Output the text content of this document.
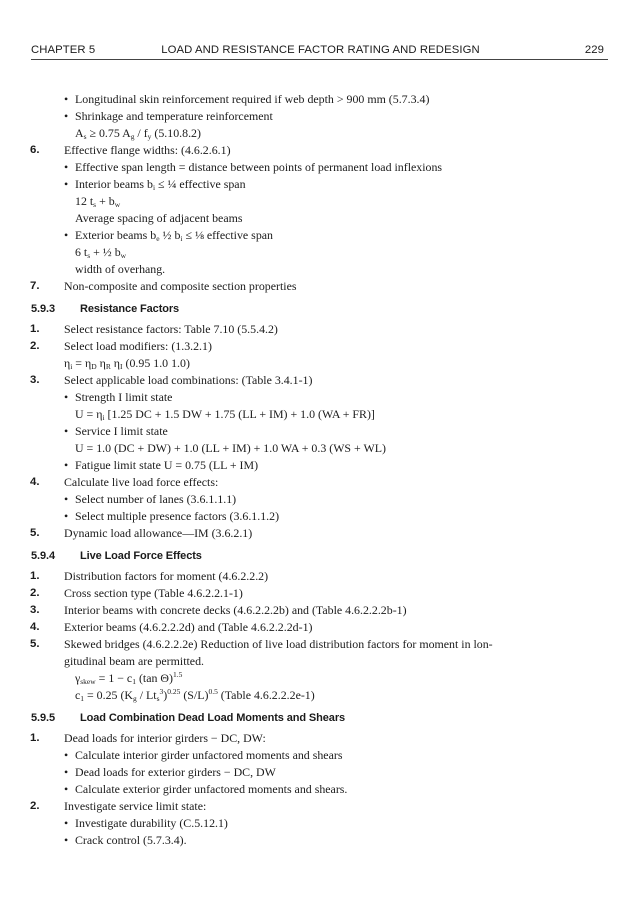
CHAPTER 5	LOAD AND RESISTANCE FACTOR RATING AND REDESIGN	229
• Longitudinal skin reinforcement required if web depth > 900 mm (5.7.3.4)
• Shrinkage and temperature reinforcement
$A_s \ge 0.75$ $A_g / f_y$ (5.10.8.2)
6. Effective flange widths: (4.6.2.6.1)
• Effective span length = distance between points of permanent load inflexions
• Interior beams $b_i$ ≤ ¼ effective span
12 $t_s + b_w$
Average spacing of adjacent beams
• Exterior beams $b_e$ ½ $b_i$ ≤ ⅛ effective span
6 $t_s$ + ½ $b_w$
width of overhang.
7. Non-composite and composite section properties
5.9.3 Resistance Factors
1. Select resistance factors: Table 7.10 (5.5.4.2)
2. Select load modifiers: (1.3.2.1)
$\eta_i = \eta_D$ $\eta_R$ $\eta_I$ (0.95 1.0 1.0)
3. Select applicable load combinations: (Table 3.4.1-1)
• Strength I limit state
$U = \eta_i$ [1.25 DC + 1.5 DW + 1.75 (LL + IM) + 1.0 (WA + FR)]
• Service I limit state
U = 1.0 (DC + DW) + 1.0 (LL + IM) + 1.0 WA + 0.3 (WS + WL)
• Fatigue limit state U = 0.75 (LL + IM)
4. Calculate live load force effects:
• Select number of lanes (3.6.1.1.1)
• Select multiple presence factors (3.6.1.1.2)
5. Dynamic load allowance—IM (3.6.2.1)
5.9.4 Live Load Force Effects
1. Distribution factors for moment (4.6.2.2.2)
2. Cross section type (Table 4.6.2.2.1-1)
3. Interior beams with concrete decks (4.6.2.2.2b) and (Table 4.6.2.2.2b-1)
4. Exterior beams (4.6.2.2.2d) and (Table 4.6.2.2.2d-1)
5. Skewed bridges (4.6.2.2.2e) Reduction of live load distribution factors for moment in lon-
gitudinal beam are permitted.
$\gamma_{skew} = 1 - c_1$ (tan Θ)$^{1.5}$
$c_1 = 0.25$ $(K_g / Lt_s^3)^{0.25}$ $(S/L)^{0.5}$ (Table 4.6.2.2.2e-1)
5.9.5 Load Combination Dead Load Moments and Shears
1. Dead loads for interior girders − DC, DW:
• Calculate interior girder unfactored moments and shears
• Dead loads for exterior girders − DC, DW
• Calculate exterior girder unfactored moments and shears.
2. Investigate service limit state:
• Investigate durability (C.5.12.1)
• Crack control (5.7.3.4).
